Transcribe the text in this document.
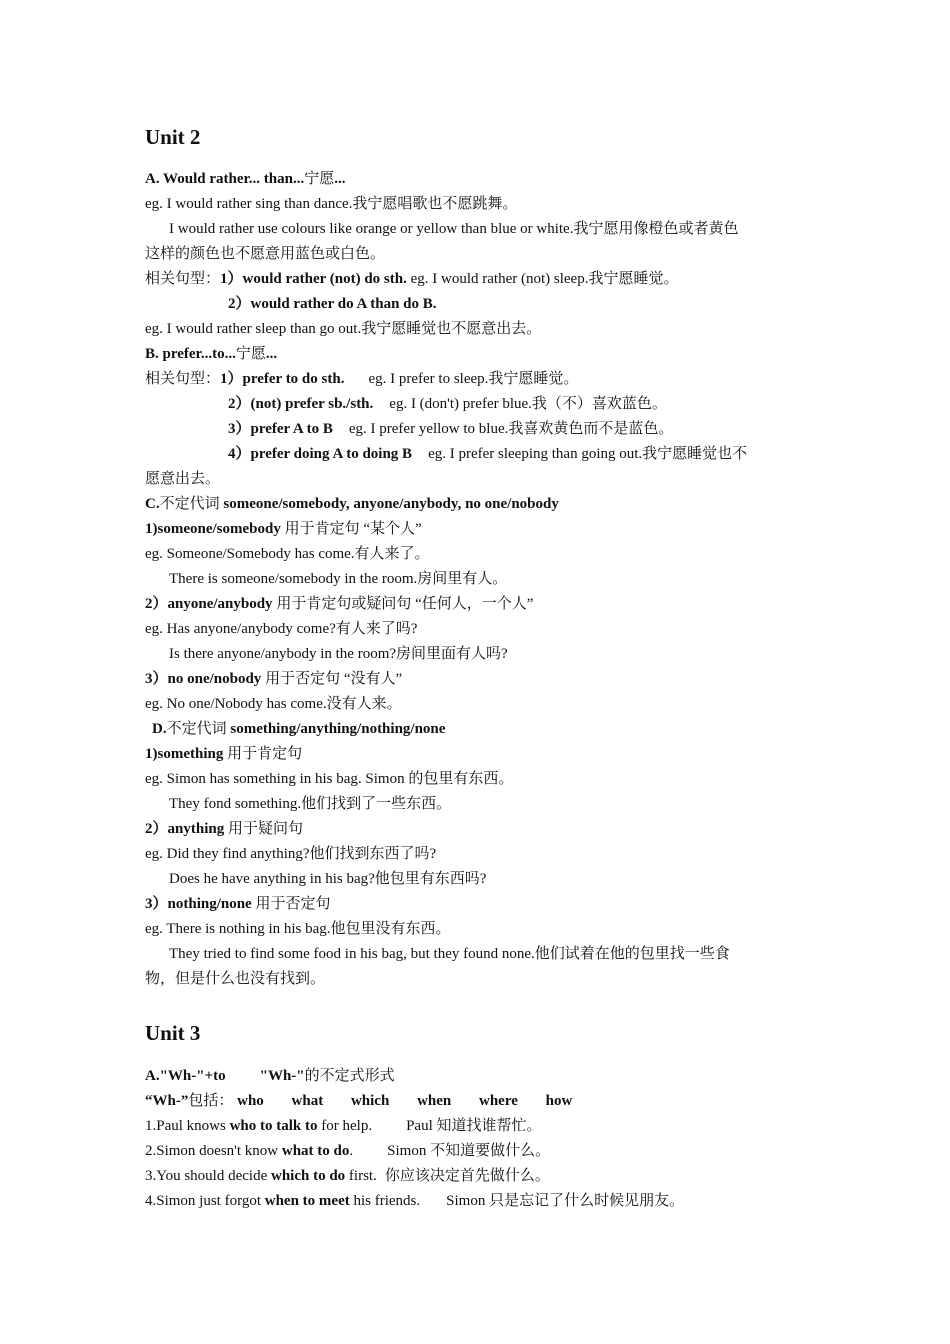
Unit 2
A. Would rather... than...宁愿...
eg. I would rather sing than dance.我宁愿唱歌也不愿跳舞。
I would rather use colours like orange or yellow than blue or white.我宁愿用像橙色或者黄色
这样的颜色也不愿意用蓝色或白色。
相关句型：1）would rather (not) do sth. eg. I would rather (not) sleep.我宁愿睡觉。
2）would rather do A than do B.
eg. I would rather sleep than go out.我宁愿睡觉也不愿意出去。
B. prefer...to...宁愿...
相关句型：1）prefer to do sth. eg. I prefer to sleep.我宁愿睡觉。
2）(not) prefer sb./sth. eg. I (don't) prefer blue.我（不）喜欢蓝色。
3）prefer A to B eg. I prefer yellow to blue.我喜欢黄色而不是蓝色。
4）prefer doing A to doing B eg. I prefer sleeping than going out.我宁愿睡觉也不
愿意出去。
C.不定代词 someone/somebody, anyone/anybody, no one/nobody
1)someone/somebody 用于肯定句 “某个人”
eg. Someone/Somebody has come.有人来了。
There is someone/somebody in the room.房间里有人。
2）anyone/anybody 用于肯定句或疑问句 “任何人，一个人”
eg. Has anyone/anybody come?有人来了吗?
Is there anyone/anybody in the room?房间里面有人吗?
3）no one/nobody 用于否定句 “没有人”
eg. No one/Nobody has come.没有人来。
D.不定代词 something/anything/nothing/none
1)something 用于肯定句
eg. Simon has something in his bag. Simon 的包里有东西。
They fond something.他们找到了一些东西。
2）anything 用于疑问句
eg. Did they find anything?他们找到东西了吗?
Does he have anything in his bag?他包里有东西吗?
3）nothing/none 用于否定句
eg. There is nothing in his bag.他包里没有东西。
They tried to find some food in his bag, but they found none.他们试着在他的包里找一些食
物，但是什么也没有找到。
Unit 3
A."Wh-"+to "Wh-"的不定式形式
“Wh-”包括： who what which when where how
1.Paul knows who to talk to for help. Paul 知道找谁帮忙。
2.Simon doesn't know what to do. Simon 不知道要做什么。
3.You should decide which to do first. 你应该决定首先做什么。
4.Simon just forgot when to meet his friends. Simon 只是忘记了什么时候见朋友。
